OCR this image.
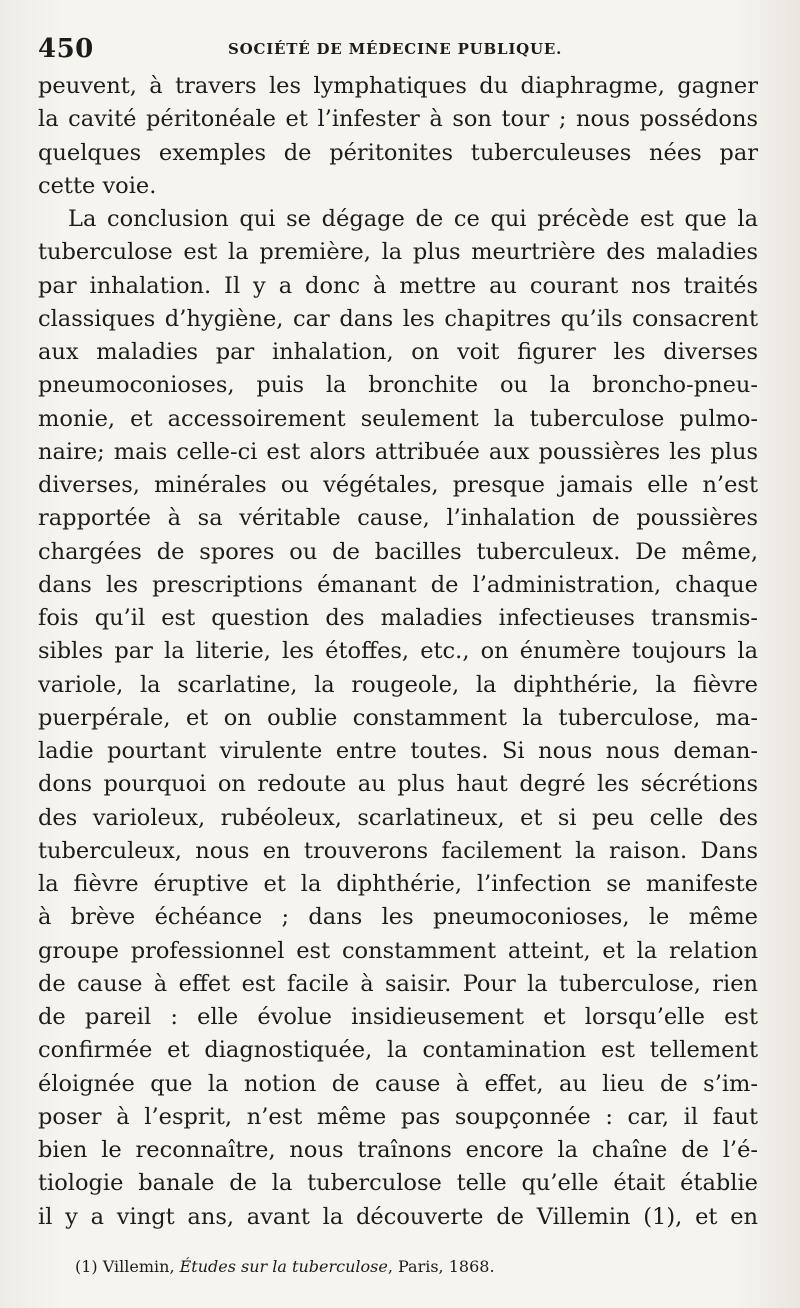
450	SOCIÉTÉ DE MÉDECINE PUBLIQUE.
peuvent, à travers les lymphatiques du diaphragme, gagner
la cavité péritonéale et l’infester à son tour ; nous possédons
quelques exemples de péritonites tuberculeuses nées par
cette voie.
La conclusion qui se dégage de ce qui précède est que la
tuberculose est la première, la plus meurtrière des maladies
par inhalation. Il y a donc à mettre au courant nos traités
classiques d’hygiène, car dans les chapitres qu’ils consacrent
aux maladies par inhalation, on voit figurer les diverses
pneumoconioses, puis la bronchite ou la broncho-pneu-
monie, et accessoirement seulement la tuberculose pulmo-
naire; mais celle-ci est alors attribuée aux poussières les plus
diverses, minérales ou végétales, presque jamais elle n’est
rapportée à sa véritable cause, l’inhalation de poussières
chargées de spores ou de bacilles tuberculeux. De même,
dans les prescriptions émanant de l’administration, chaque
fois qu’il est question des maladies infectieuses transmis-
sibles par la literie, les étoffes, etc., on énumère toujours la
variole, la scarlatine, la rougeole, la diphthérie, la fièvre
puerpérale, et on oublie constamment la tuberculose, ma-
ladie pourtant virulente entre toutes. Si nous nous deman-
dons pourquoi on redoute au plus haut degré les sécrétions
des varioleux, rubéoleux, scarlatineux, et si peu celle des
tuberculeux, nous en trouverons facilement la raison. Dans
la fièvre éruptive et la diphthérie, l’infection se manifeste
à brève échéance ; dans les pneumoconioses, le même
groupe professionnel est constamment atteint, et la relation
de cause à effet est facile à saisir. Pour la tuberculose, rien
de pareil : elle évolue insidieusement et lorsqu’elle est
confirmée et diagnostiquée, la contamination est tellement
éloignée que la notion de cause à effet, au lieu de s’im-
poser à l’esprit, n’est même pas soupçonnée : car, il faut
bien le reconnaître, nous traînons encore la chaîne de l’é-
tiologie banale de la tuberculose telle qu’elle était établie
il y a vingt ans, avant la découverte de Villemin (1), et en
(1) Villemin, Études sur la tuberculose, Paris, 1868.
